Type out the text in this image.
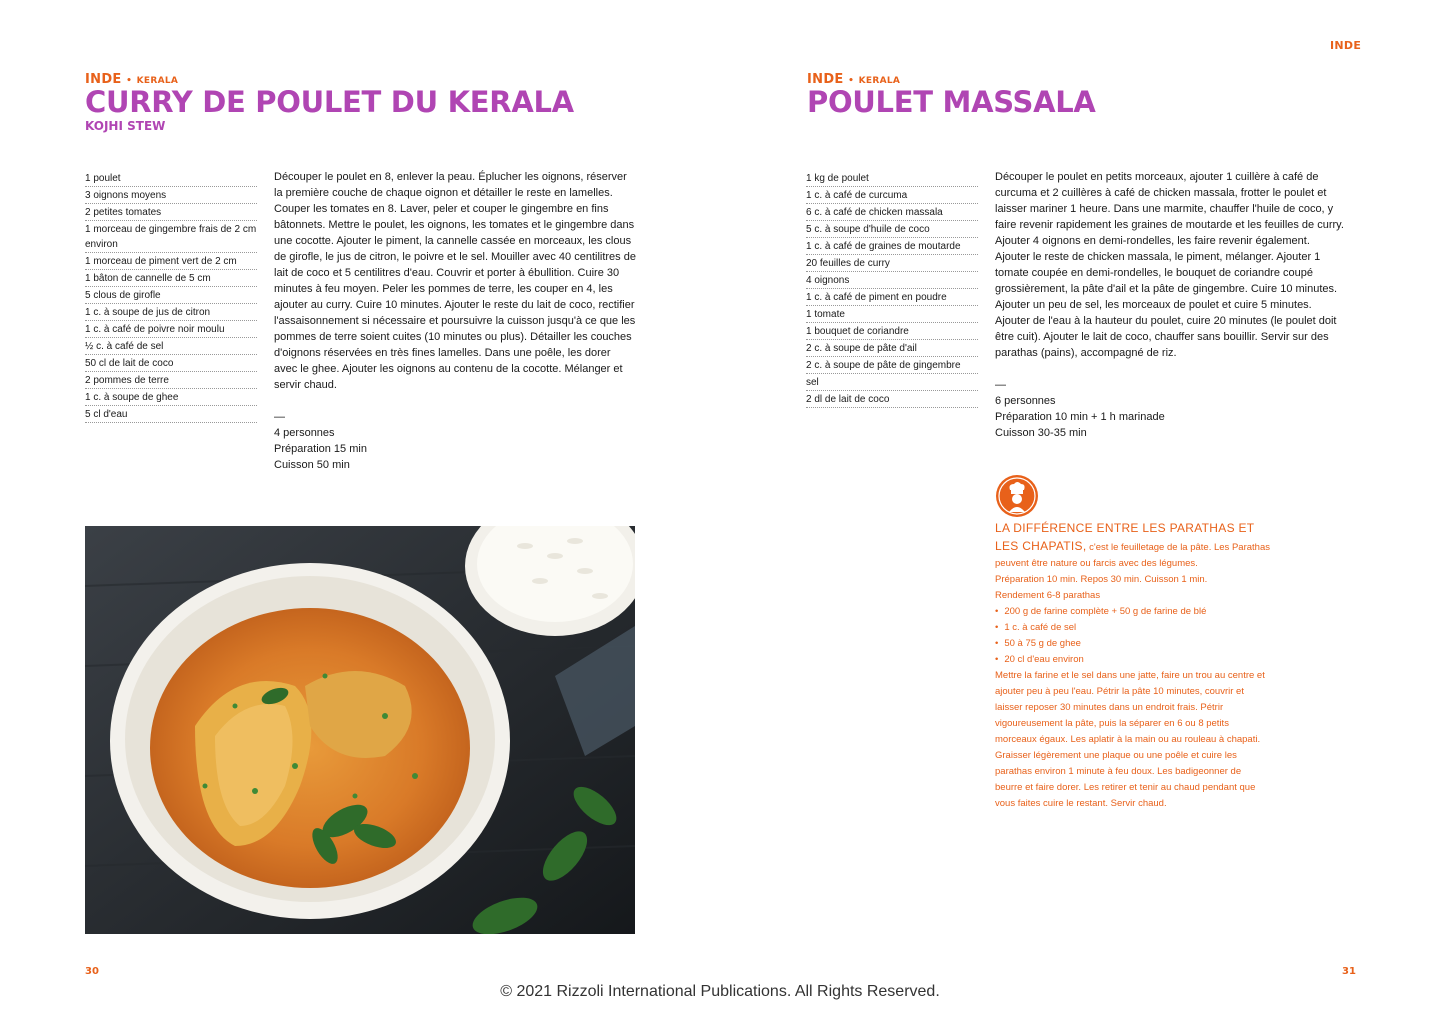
INDE
INDE • KERALA
CURRY DE POULET DU KERALA
KOJHI STEW
1 poulet
3 oignons moyens
2 petites tomates
1 morceau de gingembre frais de 2 cm environ
1 morceau de piment vert de 2 cm
1 bâton de cannelle de 5 cm
5 clous de girofle
1 c. à soupe de jus de citron
1 c. à café de poivre noir moulu
½ c. à café de sel
50 cl de lait de coco
2 pommes de terre
1 c. à soupe de ghee
5 cl d'eau

Découper le poulet en 8, enlever la peau. Éplucher les oignons, réserver la première couche de chaque oignon et détailler le reste en lamelles. Couper les tomates en 8. Laver, peler et couper le gingembre en fins bâtonnets. Mettre le poulet, les oignons, les tomates et le gingembre dans une cocotte. Ajouter le piment, la cannelle cassée en morceaux, les clous de girofle, le jus de citron, le poivre et le sel. Mouiller avec 40 centilitres de lait de coco et 5 centilitres d'eau. Couvrir et porter à ébullition. Cuire 30 minutes à feu moyen. Peler les pommes de terre, les couper en 4, les ajouter au curry. Cuire 10 minutes. Ajouter le reste du lait de coco, rectifier l'assaisonnement si nécessaire et poursuivre la cuisson jusqu'à ce que les pommes de terre soient cuites (10 minutes ou plus). Détailler les couches d'oignons réservées en très fines lamelles. Dans une poêle, les dorer avec le ghee. Ajouter les oignons au contenu de la cocotte. Mélanger et servir chaud.

—
4 personnes
Préparation 15 min
Cuisson 50 min
30
INDE • KERALA
POULET MASSALA
1 kg de poulet
1 c. à café de curcuma
6 c. à café de chicken massala
5 c. à soupe d'huile de coco
1 c. à café de graines de moutarde
20 feuilles de curry
4 oignons
1 c. à café de piment en poudre
1 tomate
1 bouquet de coriandre
2 c. à soupe de pâte d'ail
2 c. à soupe de pâte de gingembre
sel
2 dl de lait de coco

Découper le poulet en petits morceaux, ajouter 1 cuillère à café de curcuma et 2 cuillères à café de chicken massala, frotter le poulet et laisser mariner 1 heure. Dans une marmite, chauffer l'huile de coco, y faire revenir rapidement les graines de moutarde et les feuilles de curry. Ajouter 4 oignons en demi-rondelles, les faire revenir également. Ajouter le reste de chicken massala, le piment, mélanger. Ajouter 1 tomate coupée en demi-rondelles, le bouquet de coriandre coupé grossièrement, la pâte d'ail et la pâte de gingembre. Cuire 10 minutes. Ajouter un peu de sel, les morceaux de poulet et cuire 5 minutes. Ajouter de l'eau à la hauteur du poulet, cuire 20 minutes (le poulet doit être cuit). Ajouter le lait de coco, chauffer sans bouillir. Servir sur des parathas (pains), accompagné de riz.

—
6 personnes
Préparation 10 min + 1 h marinade
Cuisson 30-35 min
LA DIFFÉRENCE ENTRE LES PARATHAS ET LES CHAPATIS, c'est le feuilletage de la pâte. Les Parathas peuvent être nature ou farcis avec des légumes.
Préparation 10 min. Repos 30 min. Cuisson 1 min.
Rendement 6-8 parathas
• 200 g de farine complète + 50 g de farine de blé
• 1 c. à café de sel
• 50 à 75 g de ghee
• 20 cl d'eau environ
Mettre la farine et le sel dans une jatte, faire un trou au centre et ajouter peu à peu l'eau. Pétrir la pâte 10 minutes, couvrir et laisser reposer 30 minutes dans un endroit frais. Pétrir vigoureusement la pâte, puis la séparer en 6 ou 8 petits morceaux égaux. Les aplatir à la main ou au rouleau à chapati. Graisser légèrement une plaque ou une poêle et cuire les parathas environ 1 minute à feu doux. Les badigeonner de beurre et faire dorer. Les retirer et tenir au chaud pendant que vous faites cuire le restant. Servir chaud.
31
© 2021 Rizzoli International Publications. All Rights Reserved.
